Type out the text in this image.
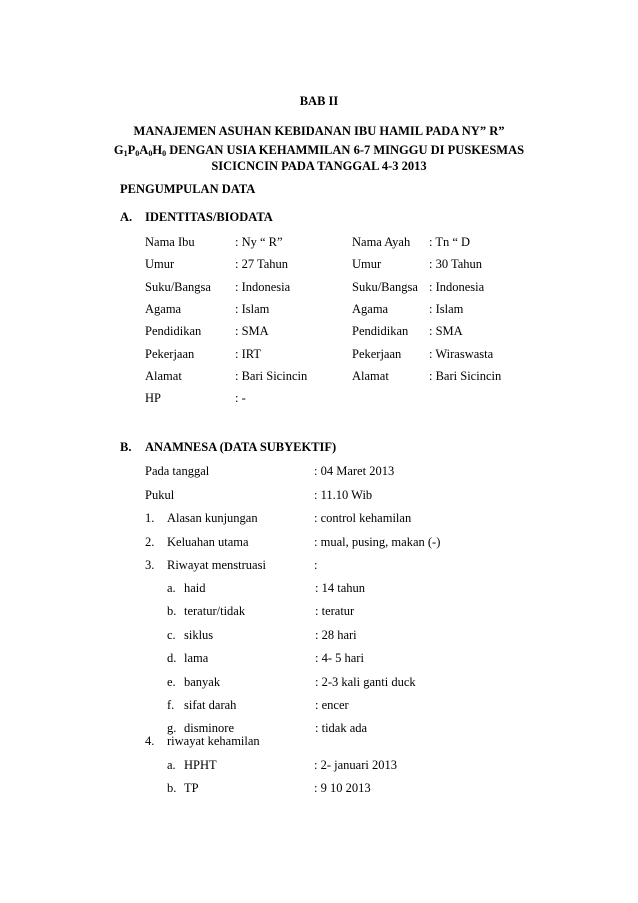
BAB II
MANAJEMEN ASUHAN KEBIDANAN IBU HAMIL PADA NY” R”
$G_1P_0A_0H_0$ DENGAN USIA KEHAMMILAN 6-7 MINGGU DI PUSKESMAS
SICICNCIN PADA TANGGAL 4-3 2013
PENGUMPULAN DATA
A. IDENTITAS/BIODATA
Nama Ibu	: Ny “ R”	Nama Ayah : Tn “ D
Umur	: 27 Tahun	Umur	: 30 Tahun
Suku/Bangsa : Indonesia	Suku/Bangsa : Indonesia
Agama	: Islam	Agama	: Islam
Pendidikan	: SMA	Pendidikan : SMA
Pekerjaan	: IRT	Pekerjaan : Wiraswasta
Alamat	: Bari Sicincin	Alamat	: Bari Sicincin
HP	: -
B. ANAMNESA (DATA SUBYEKTIF)
Pada tanggal	: 04 Maret 2013
Pukul	: 11.10 Wib
1. Alasan kunjungan	: control kehamilan
2. Keluahan utama	: mual, pusing, makan (-)
3. Riwayat menstruasi	:
a. haid	: 14 tahun
b. teratur/tidak	: teratur
c. siklus	: 28 hari
d. lama	: 4- 5 hari
e. banyak	: 2-3 kali ganti duck
f. sifat darah	: encer
g. disminore	: tidak ada
4. riwayat kehamilan
a. HPHT	: 2- januari 2013
b. TP	: 9 10 2013
